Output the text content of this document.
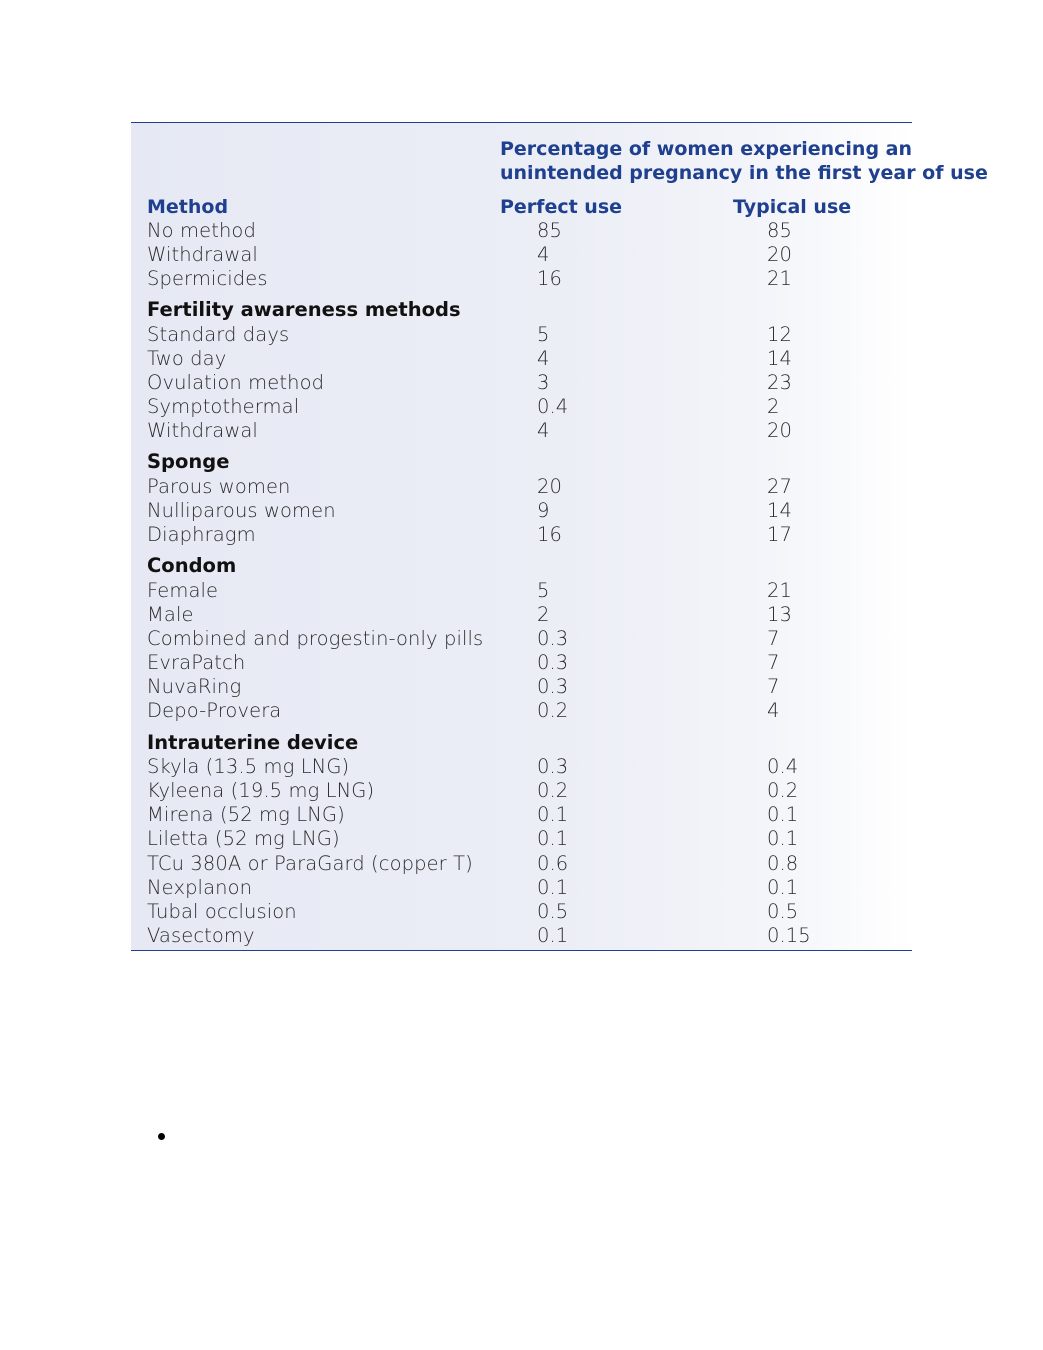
Percentage of women experiencing an
unintended pregnancy in the first year of use
Method	Perfect use	Typical use
No method	85	85
Withdrawal	4	20
Spermicides	16	21
Fertility awareness methods
Standard days	5	12
Two day	4	14
Ovulation method	3	23
Symptothermal	0.4	2
Withdrawal	4	20
Sponge
Parous women	20	27
Nulliparous women	9	14
Diaphragm	16	17
Condom
Female	5	21
Male	2	13
Combined and progestin-only pills	0.3	7
EvraPatch	0.3	7
NuvaRing	0.3	7
Depo-Provera	0.2	4
Intrauterine device
Skyla (13.5 mg LNG)	0.3	0.4
Kyleena (19.5 mg LNG)	0.2	0.2
Mirena (52 mg LNG)	0.1	0.1
Liletta (52 mg LNG)	0.1	0.1
TCu 380A or ParaGard (copper T)	0.6	0.8
Nexplanon	0.1	0.1
Tubal occlusion	0.5	0.5
Vasectomy	0.1	0.15
